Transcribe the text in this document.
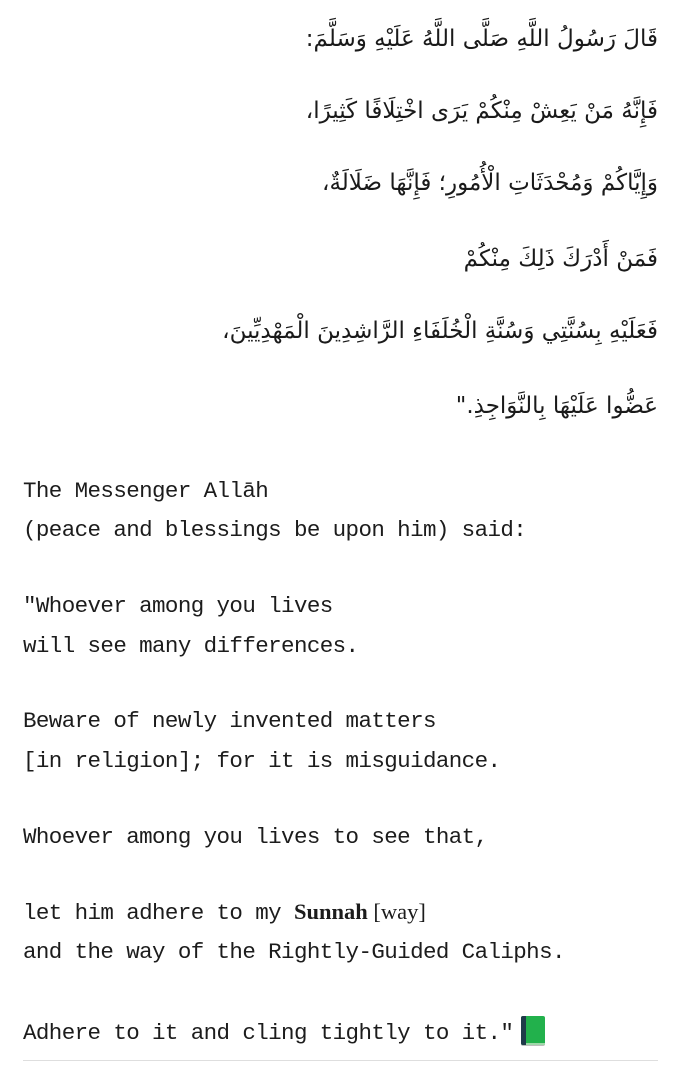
قَالَ رَسُولُ اللَّهِ صَلَّى اللَّهُ عَلَيْهِ وَسَلَّمَ:
فَإِنَّهُ مَنْ يَعِشْ مِنْكُمْ يَرَى اخْتِلَافًا كَثِيرًا،
وَإِيَّاكُمْ وَمُحْدَثَاتِ الْأُمُورِ؛ فَإِنَّهَا ضَلَالَةٌ،
فَمَنْ أَدْرَكَ ذَلِكَ مِنْكُمْ
فَعَلَيْهِ بِسُنَّتِي وَسُنَّةِ الْخُلَفَاءِ الرَّاشِدِينَ الْمَهْدِيِّينَ،
عَضُّوا عَلَيْهَا بِالنَّوَاجِذِ."
The Messenger Allāh
(peace and blessings be upon him) said:
"Whoever among you lives
will see many differences.
Beware of newly invented matters
[in religion]; for it is misguidance.
Whoever among you lives to see that,
let him adhere to my Sunnah [way]
and the way of the Rightly-Guided Caliphs.
Adhere to it and cling tightly to it."
